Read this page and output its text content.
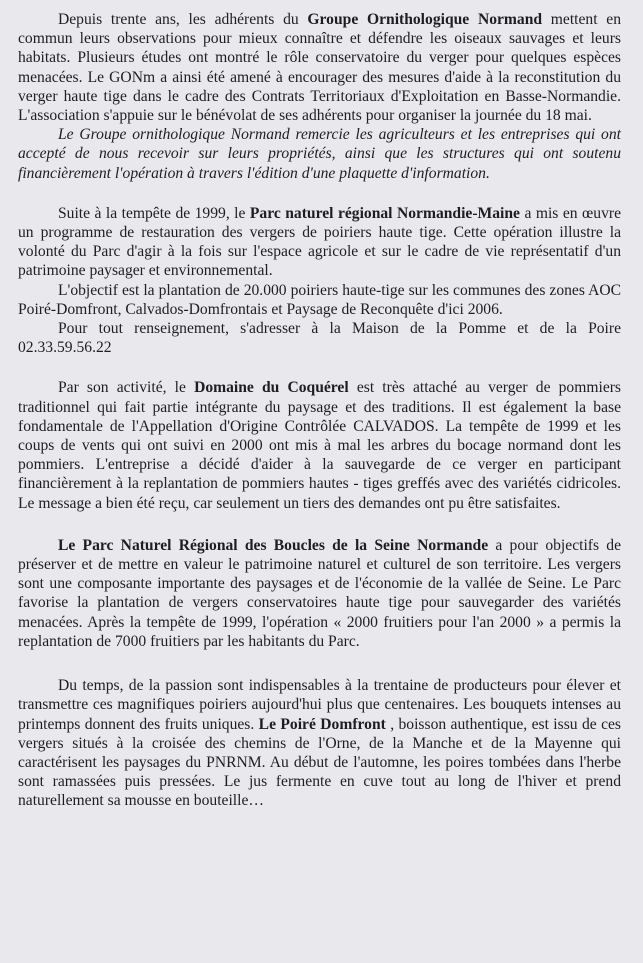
Depuis trente ans, les adhérents du Groupe Ornithologique Normand mettent en commun leurs observations pour mieux connaître et défendre les oiseaux sauvages et leurs habitats. Plusieurs études ont montré le rôle conservatoire du verger pour quelques espèces menacées. Le GONm a ainsi été amené à encourager des mesures d'aide à la reconstitution du verger haute tige dans le cadre des Contrats Territoriaux d'Exploitation en Basse-Normandie. L'association s'appuie sur le bénévolat de ses adhérents pour organiser la journée du 18 mai.

Le Groupe ornithologique Normand remercie les agriculteurs et les entreprises qui ont accepté de nous recevoir sur leurs propriétés, ainsi que les structures qui ont soutenu financièrement l'opération à travers l'édition d'une plaquette d'information.

Suite à la tempête de 1999, le Parc naturel régional Normandie-Maine a mis en œuvre un programme de restauration des vergers de poiriers haute tige. Cette opération illustre la volonté du Parc d'agir à la fois sur l'espace agricole et sur le cadre de vie représentatif d'un patrimoine paysager et environnemental.

L'objectif est la plantation de 20.000 poiriers haute-tige sur les communes des zones AOC Poiré-Domfront, Calvados-Domfrontais et Paysage de Reconquête d'ici 2006.

Pour tout renseignement, s'adresser à la Maison de la Pomme et de la Poire 02.33.59.56.22

Par son activité, le Domaine du Coquérel est très attaché au verger de pommiers traditionnel qui fait partie intégrante du paysage et des traditions. Il est également la base fondamentale de l'Appellation d'Origine Contrôlée CALVADOS. La tempête de 1999 et les coups de vents qui ont suivi en 2000 ont mis à mal les arbres du bocage normand dont les pommiers. L'entreprise a décidé d'aider à la sauvegarde de ce verger en participant financièrement à la replantation de pommiers hautes - tiges greffés avec des variétés cidricoles. Le message a bien été reçu, car seulement un tiers des demandes ont pu être satisfaites.

Le Parc Naturel Régional des Boucles de la Seine Normande a pour objectifs de préserver et de mettre en valeur le patrimoine naturel et culturel de son territoire. Les vergers sont une composante importante des paysages et de l'économie de la vallée de Seine. Le Parc favorise la plantation de vergers conservatoires haute tige pour sauvegarder des variétés menacées. Après la tempête de 1999, l'opération « 2000 fruitiers pour l'an 2000 » a permis la replantation de 7000 fruitiers par les habitants du Parc.

Du temps, de la passion sont indispensables à la trentaine de producteurs pour élever et transmettre ces magnifiques poiriers aujourd'hui plus que centenaires. Les bouquets intenses au printemps donnent des fruits uniques. Le Poiré Domfront , boisson authentique, est issu de ces vergers situés à la croisée des chemins de l'Orne, de la Manche et de la Mayenne qui caractérisent les paysages du PNRNM. Au début de l'automne, les poires tombées dans l'herbe sont ramassées puis pressées. Le jus fermente en cuve tout au long de l'hiver et prend naturellement sa mousse en bouteille…
